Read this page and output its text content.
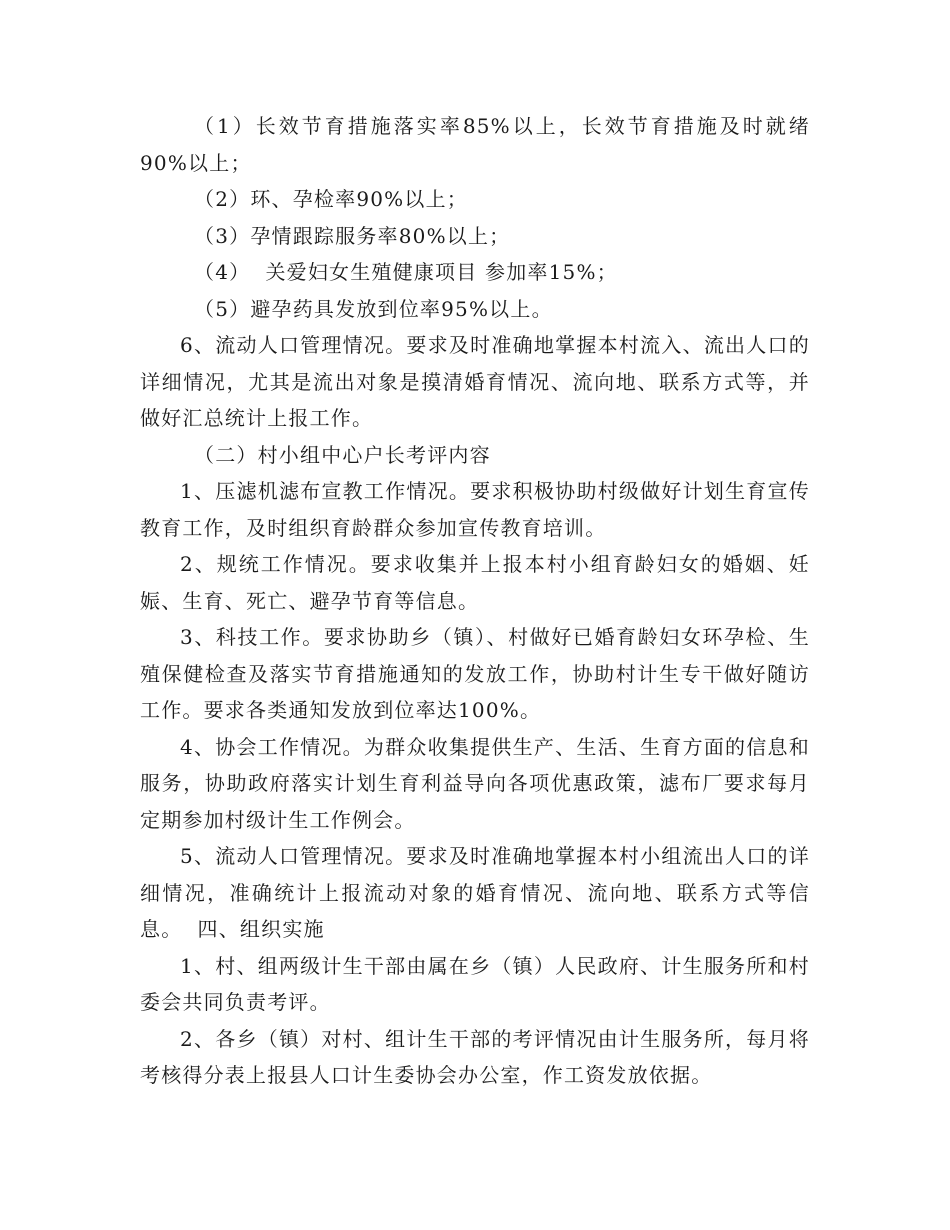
（1）长效节育措施落实率85%以上，长效节育措施及时就绪90%以上；

（2）环、孕检率90%以上；

（3）孕情跟踪服务率80%以上；

（4）  关爱妇女生殖健康项目 参加率15%；

（5）避孕药具发放到位率95%以上。

6、流动人口管理情况。要求及时准确地掌握本村流入、流出人口的详细情况，尤其是流出对象是摸清婚育情况、流向地、联系方式等，并做好汇总统计上报工作。

（二）村小组中心户长考评内容

1、压滤机滤布宣教工作情况。要求积极协助村级做好计划生育宣传教育工作，及时组织育龄群众参加宣传教育培训。

2、规统工作情况。要求收集并上报本村小组育龄妇女的婚姻、妊娠、生育、死亡、避孕节育等信息。

3、科技工作。要求协助乡（镇）、村做好已婚育龄妇女环孕检、生殖保健检查及落实节育措施通知的发放工作，协助村计生专干做好随访工作。要求各类通知发放到位率达100%。

4、协会工作情况。为群众收集提供生产、生活、生育方面的信息和服务，协助政府落实计划生育利益导向各项优惠政策，滤布厂要求每月定期参加村级计生工作例会。

5、流动人口管理情况。要求及时准确地掌握本村小组流出人口的详细情况，准确统计上报流动对象的婚育情况、流向地、联系方式等信息。  四、组织实施

1、村、组两级计生干部由属在乡（镇）人民政府、计生服务所和村委会共同负责考评。

2、各乡（镇）对村、组计生干部的考评情况由计生服务所，每月将考核得分表上报县人口计生委协会办公室，作工资发放依据。
